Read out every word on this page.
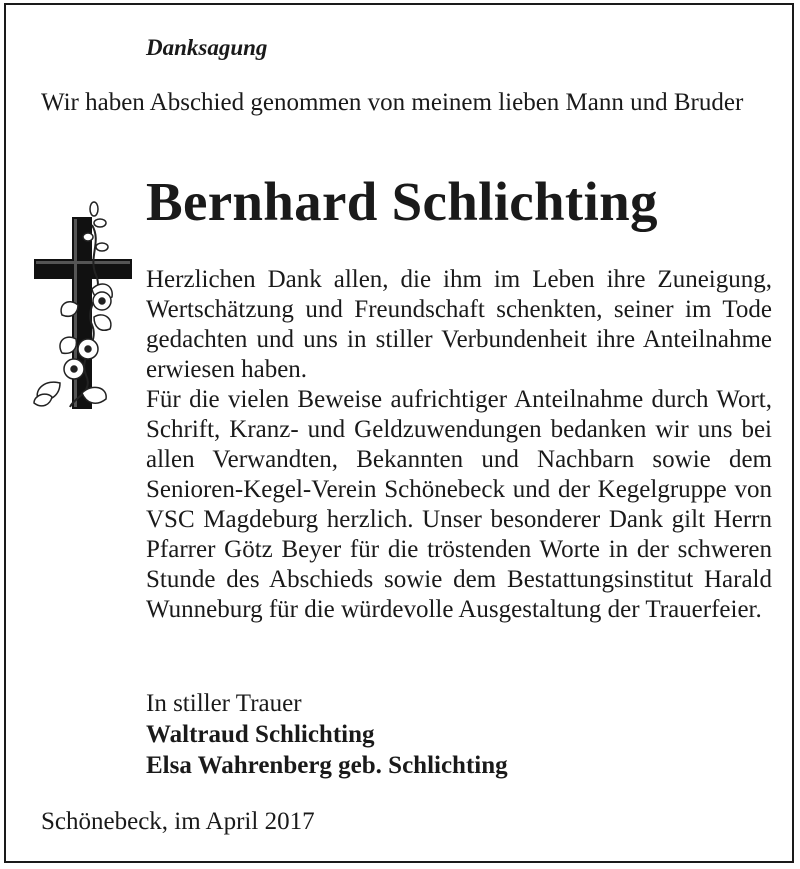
Danksagung

Wir haben Abschied genommen von meinem lieben Mann und Bruder

Bernhard Schlichting

Herzlichen Dank allen, die ihm im Leben ihre Zuneigung, Wertschätzung und Freundschaft schenkten, seiner im Tode gedachten und uns in stiller Verbundenheit ihre Anteilnahme erwiesen haben.

Für die vielen Beweise aufrichtiger Anteilnahme durch Wort, Schrift, Kranz- und Geldzuwendungen bedanken wir uns bei allen Verwandten, Bekannten und Nachbarn sowie dem Senioren-Kegel-Verein Schönebeck und der Kegelgruppe von VSC Magdeburg herzlich. Unser besonderer Dank gilt Herrn Pfarrer Götz Beyer für die tröstenden Worte in der schweren Stunde des Abschieds sowie dem Bestattungsinstitut Harald Wunneburg für die würdevolle Ausgestaltung der Trauerfeier.

In stiller Trauer
Waltraud Schlichting
Elsa Wahrenberg geb. Schlichting

Schönebeck, im April 2017
